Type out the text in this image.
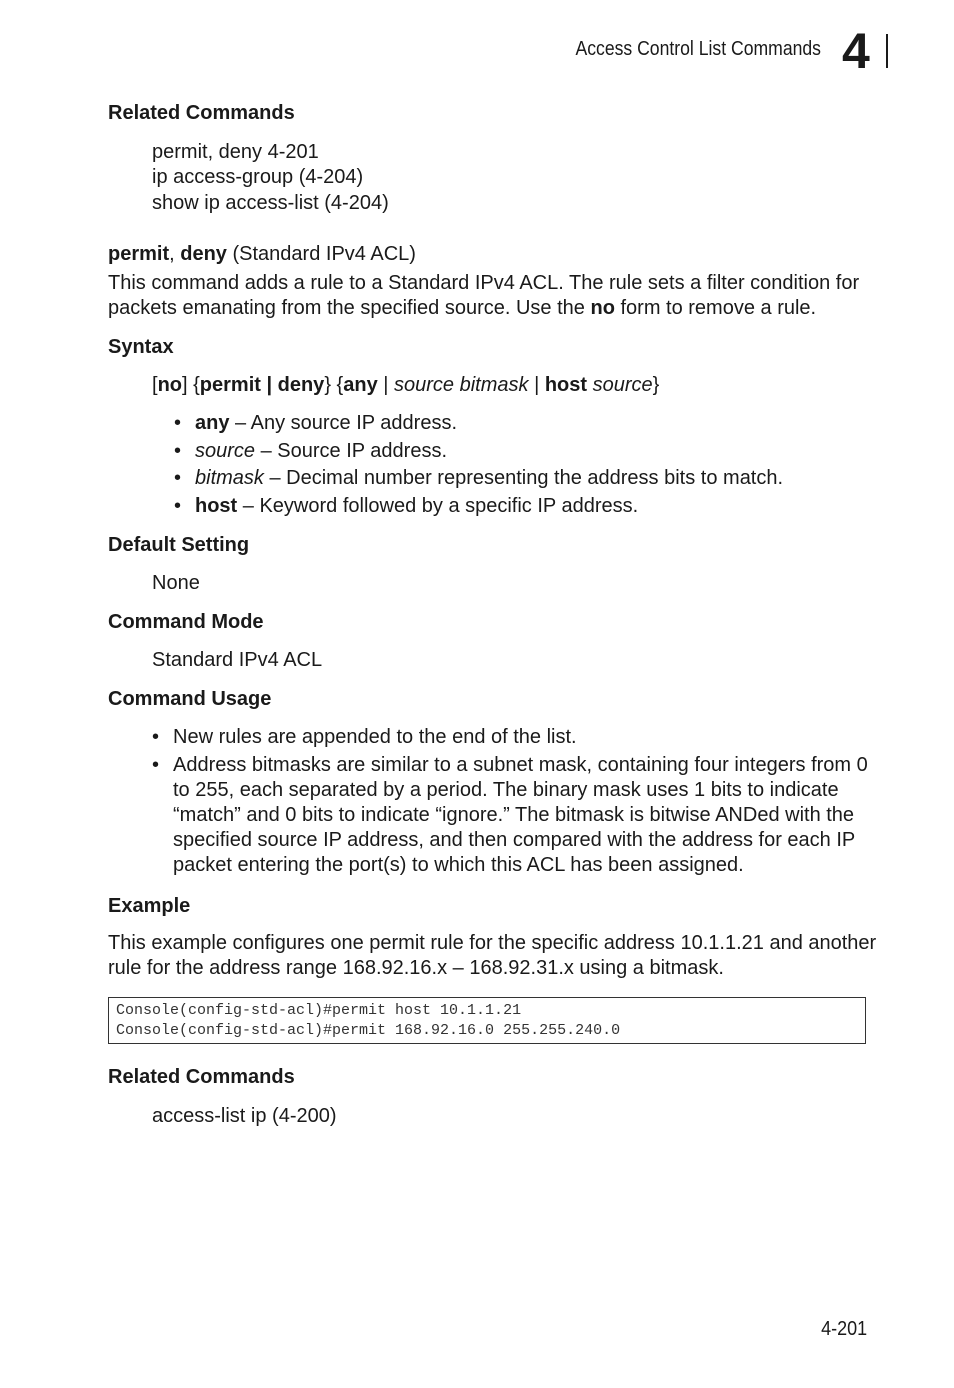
Access Control List Commands 4
Related Commands
permit, deny 4-201
ip access-group (4-204)
show ip access-list (4-204)
permit, deny (Standard IPv4 ACL)
This command adds a rule to a Standard IPv4 ACL. The rule sets a filter condition for packets emanating from the specified source. Use the no form to remove a rule.
Syntax
[no] {permit | deny} {any | source bitmask | host source}
• any – Any source IP address.
• source – Source IP address.
• bitmask – Decimal number representing the address bits to match.
• host – Keyword followed by a specific IP address.
Default Setting
None
Command Mode
Standard IPv4 ACL
Command Usage
• New rules are appended to the end of the list.
• Address bitmasks are similar to a subnet mask, containing four integers from 0 to 255, each separated by a period. The binary mask uses 1 bits to indicate “match” and 0 bits to indicate “ignore.” The bitmask is bitwise ANDed with the specified source IP address, and then compared with the address for each IP packet entering the port(s) to which this ACL has been assigned.
Example
This example configures one permit rule for the specific address 10.1.1.21 and another rule for the address range 168.92.16.x – 168.92.31.x using a bitmask.
Console(config-std-acl)#permit host 10.1.1.21
Console(config-std-acl)#permit 168.92.16.0 255.255.240.0
Related Commands
access-list ip (4-200)
4-201
